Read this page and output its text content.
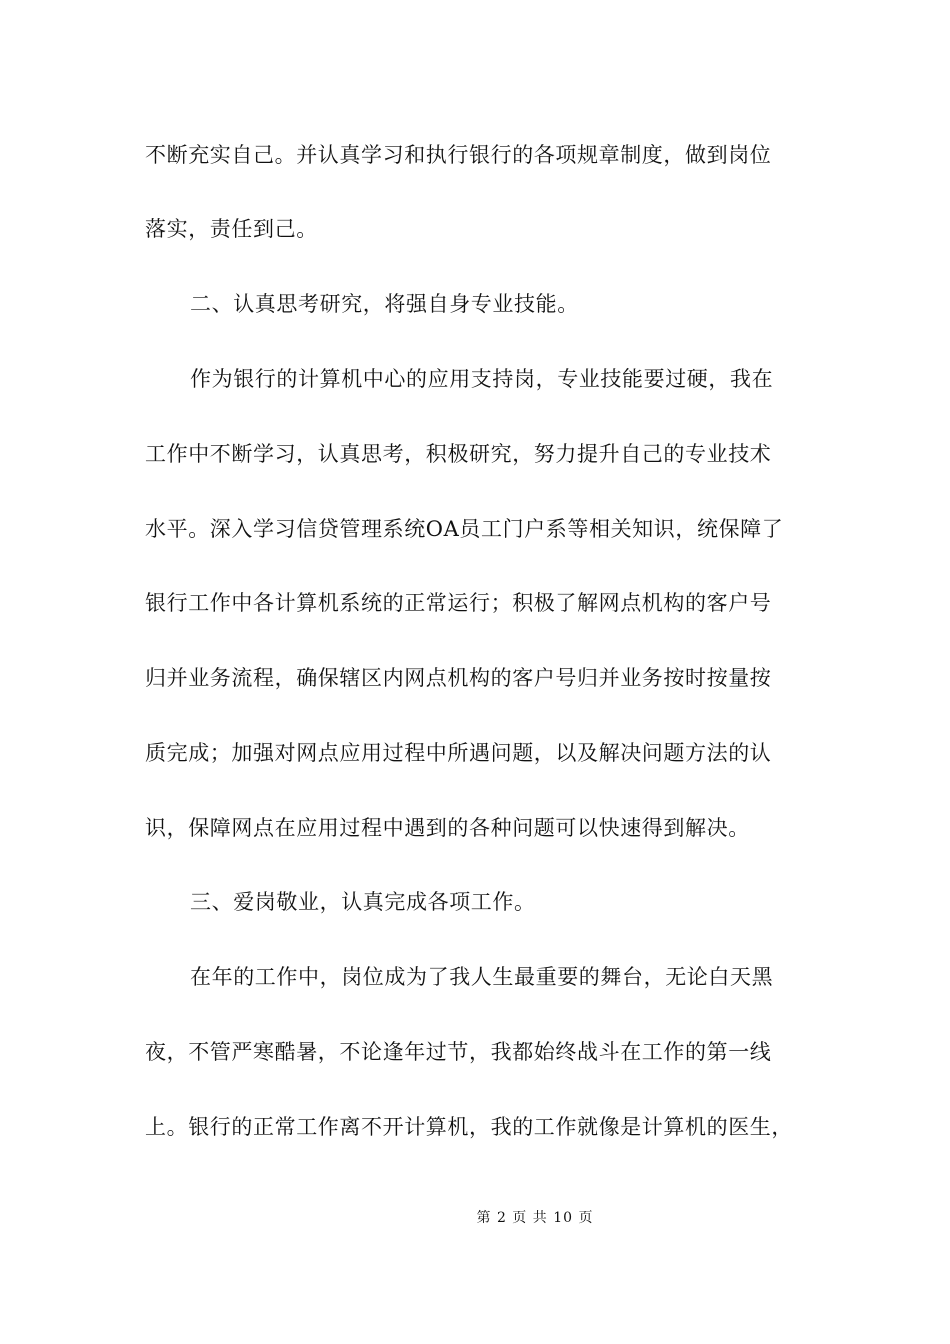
不断充实自己。并认真学习和执行银行的各项规章制度，做到岗位
落实，责任到己。
二、认真思考研究，将强自身专业技能。
作为银行的计算机中心的应用支持岗，专业技能要过硬，我在
工作中不断学习，认真思考，积极研究，努力提升自己的专业技术
水平。深入学习信贷管理系统OA员工门户系等相关知识，统保障了
银行工作中各计算机系统的正常运行；积极了解网点机构的客户号
归并业务流程，确保辖区内网点机构的客户号归并业务按时按量按
质完成；加强对网点应用过程中所遇问题，以及解决问题方法的认
识，保障网点在应用过程中遇到的各种问题可以快速得到解决。
三、爱岗敬业，认真完成各项工作。
在年的工作中，岗位成为了我人生最重要的舞台，无论白天黑
夜，不管严寒酷暑，不论逢年过节，我都始终战斗在工作的第一线
上。银行的正常工作离不开计算机，我的工作就像是计算机的医生，
第 2 页 共 10 页
